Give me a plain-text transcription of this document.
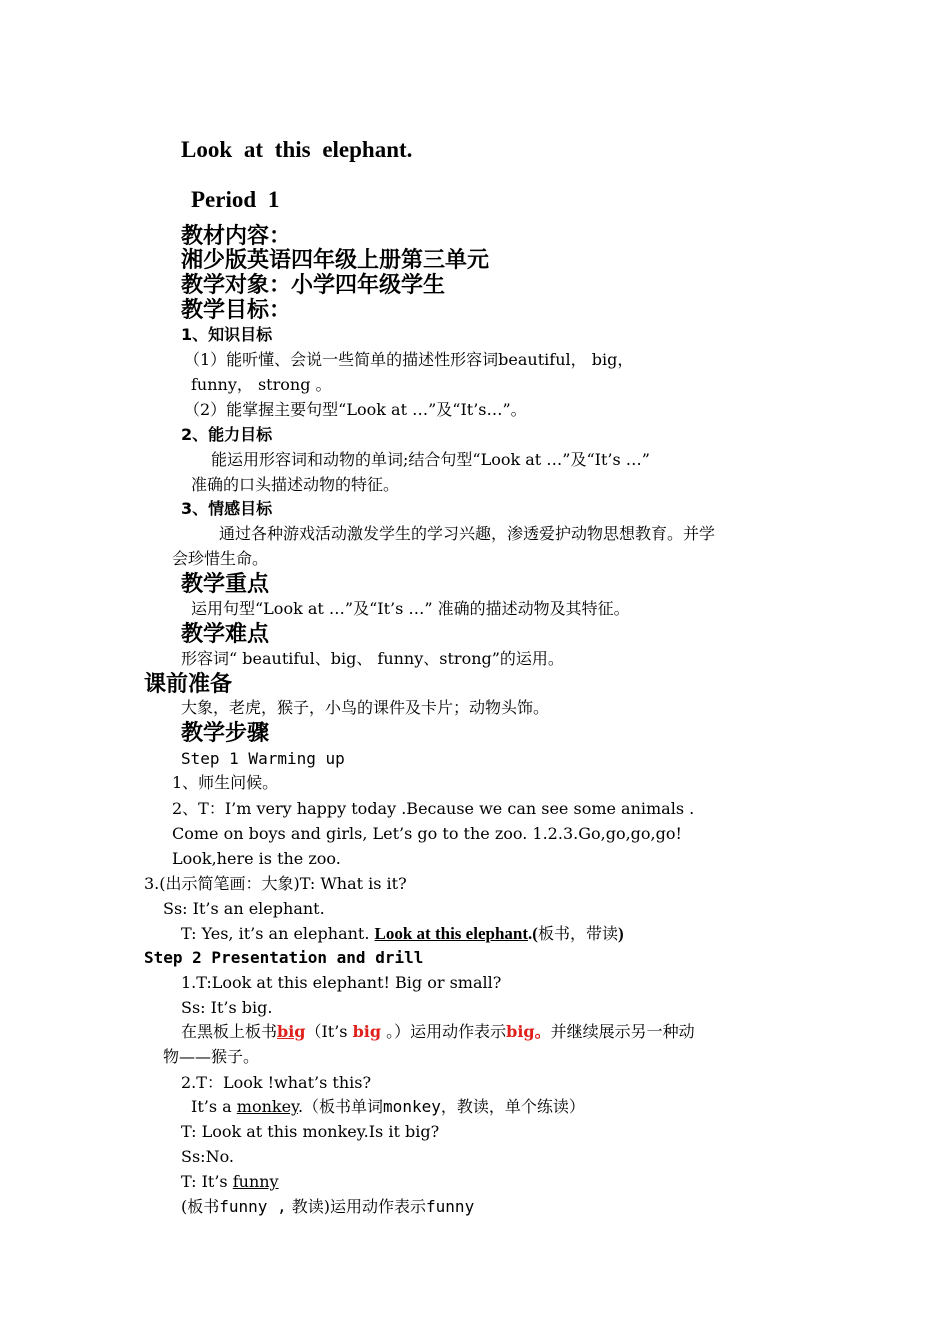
Look at this elephant.
Period 1
教材内容：
湘少版英语四年级上册第三单元
教学对象：小学四年级学生
教学目标：
1、知识目标
（1）能听懂、会说一些简单的描述性形容词beautiful， big，
funny， strong 。
（2）能掌握主要句型“Look at …”及“It’s…”。
2、能力目标
能运用形容词和动物的单词;结合句型“Look at …”及“It’s …”
准确的口头描述动物的特征。
3、情感目标
通过各种游戏活动激发学生的学习兴趣，渗透爱护动物思想教育。并学
会珍惜生命。
教学重点
运用句型“Look at …”及“It’s …” 准确的描述动物及其特征。
教学难点
形容词“ beautiful、big、 funny、strong”的运用。
课前准备
大象，老虎，猴子，小鸟的课件及卡片；动物头饰。
教学步骤
Step 1 Warming up
1、师生问候。
2、T：I’m very happy today .Because we can see some animals .
Come on boys and girls, Let’s go to the zoo. 1.2.3.Go,go,go,go!
Look,here is the zoo.
3.(出示简笔画：大象)T: What is it?
Ss: It’s an elephant.
T: Yes, it’s an elephant. Look at this elephant.(板书，带读)
Step 2 Presentation and drill
1.T:Look at this elephant! Big or small?
Ss: It’s big.
在黑板上板书big（It’s big 。）运用动作表示big。并继续展示另一种动
物——猴子。
2.T：Look !what’s this?
It’s a monkey.（板书单词monkey，教读，单个练读）
T: Look at this monkey.Is it big?
Ss:No.
T: It’s funny
(板书funny , 教读)运用动作表示funny
